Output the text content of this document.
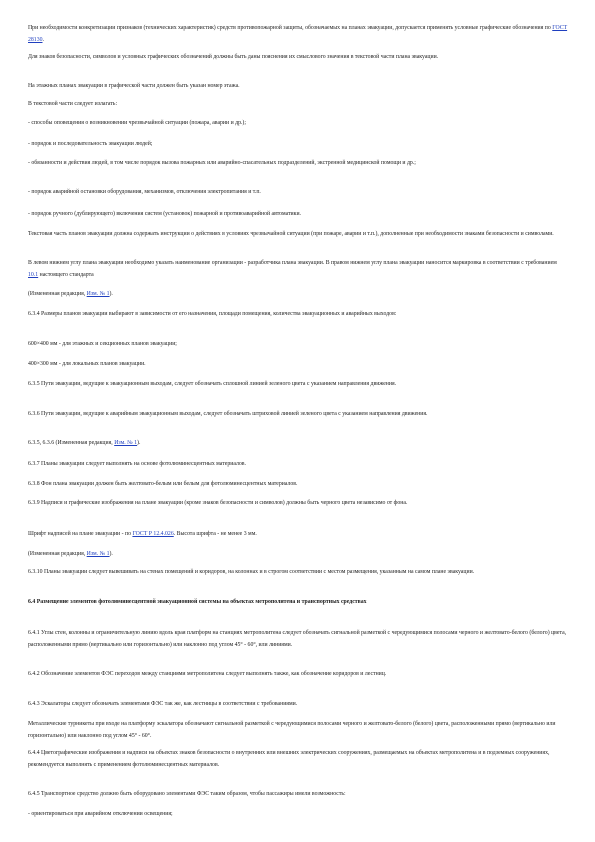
При необходимости конкретизации признаков (технических характеристик) средств противопожарной защиты, обозначаемых на планах эвакуации, допускается применять условные графические обозначения по ГОСТ 28130.

Для знаков безопасности, символов и условных графических обозначений должны быть даны пояснения их смыслового значения в текстовой части плана эвакуации.

На этажных планах эвакуации в графической части должен быть указан номер этажа.

В текстовой части следует излагать:

- способы оповещения о возникновении чрезвычайной ситуации (пожара, аварии и др.);

- порядок и последовательность эвакуации людей;

- обязанности и действия людей, в том числе порядок вызова пожарных или аварийно-спасательных подразделений, экстренной медицинской помощи и др.;

- порядок аварийной остановки оборудования, механизмов, отключения электропитания и т.п.

- порядок ручного (дублирующего) включения систем (установок) пожарной и противоаварийной автоматики.

Текстовая часть планов эвакуации должна содержать инструкции о действиях в условиях чрезвычайной ситуации (при пожаре, аварии и т.п.), дополненные при необходимости знаками безопасности и символами.

В левом нижнем углу плана эвакуации необходимо указать наименование организации - разработчика плана эвакуации. В правом нижнем углу плана эвакуации наносится маркировка в соответствии с требованием 10.1 настоящего стандарта

(Измененная редакция, Изм. № 1).

6.3.4 Размеры планов эвакуации выбирают в зависимости от его назначения, площади помещения, количества эвакуационных и аварийных выходов:

600×400 мм - для этажных и секционных планов эвакуации;

400×300 мм - для локальных планов эвакуации.

6.3.5 Пути эвакуации, ведущие к эвакуационным выходам, следует обозначать сплошной линией зеленого цвета с указанием направления движения.

6.3.6 Пути эвакуации, ведущие к аварийным эвакуационным выходам, следует обозначать штриховой линией зеленого цвета с указанием направления движения.

6.3.5, 6.3.6 (Измененная редакция, Изм. № 1).

6.3.7 Планы эвакуации следует выполнять на основе фотолюминесцентных материалов.

6.3.8 Фон плана эвакуации должен быть желтовато-белым или белым для фотолюминесцентных материалов.

6.3.9 Надписи и графические изображения на плане эвакуации (кроме знаков безопасности и символов) должны быть черного цвета независимо от фона.

Шрифт надписей на плане эвакуации - по ГОСТ Р 12.4.026. Высота шрифта - не менее 3 мм.

(Измененная редакция, Изм. № 1).

6.3.10 Планы эвакуации следует вывешивать на стенах помещений и коридоров, на колоннах и в строгом соответствии с местом размещения, указанным на самом плане эвакуации.

6.4 Размещение элементов фотолюминесцентной эвакуационной системы на объектах метрополитена и транспортных средствах

6.4.1 Углы стен, колонны и ограничительную линию вдоль края платформ на станциях метрополитена следует обозначать сигнальной разметкой с чередующимися полосами черного и желтовато-белого (белого) цвета, расположенными прямо (вертикально или горизонтально) или наклонно под углом 45° - 60°, или линиями.

6.4.2 Обозначение элементов ФЭС переходов между станциями метрополитена следует выполнять также, как обозначение коридоров и лестниц.

6.4.3 Эскалаторы следует обозначать элементами ФЭС так же, как лестницы в соответствии с требованиями.

Металлические турникеты при входе на платформу эскалатора обозначают сигнальной разметкой с чередующимися полосами черного и желтовато-белого (белого) цвета, расположенными прямо (вертикально или горизонтально) или наклонно под углом 45° - 60°.

6.4.4 Цветографические изображения и надписи на объектах знаков безопасности о внутренних или внешних электрических сооружениях, размещаемых на объектах метрополитена и в подземных сооружениях, рекомендуется выполнять с применением фотолюминесцентных материалов.

6.4.5 Транспортное средство должно быть оборудовано элементами ФЭС таким образом, чтобы пассажиры имели возможность:

- ориентироваться при аварийном отключении освещения;
